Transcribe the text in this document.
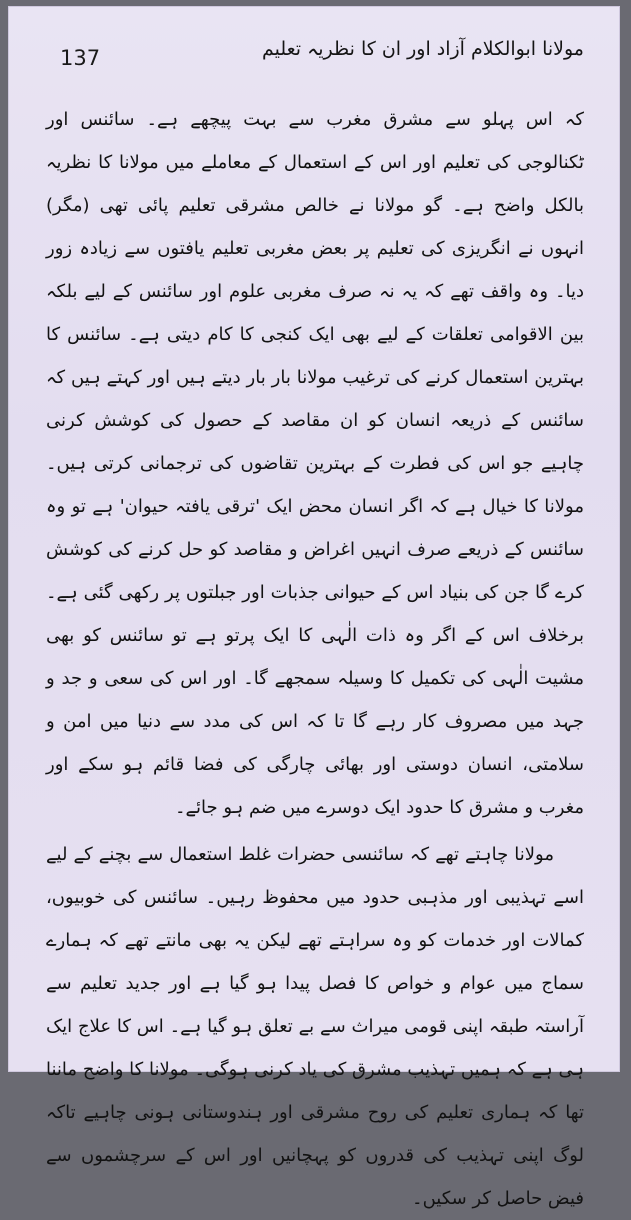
137	مولانا ابوالکلام آزاد اور ان کا نظریہ تعلیم

کہ اس پہلو سے مشرق مغرب سے بہت پیچھے ہے۔ سائنس اور ٹکنالوجی کی تعلیم اور اس کے استعمال کے معاملے میں مولانا کا نظریہ بالکل واضح ہے۔ گو مولانا نے خالص مشرقی تعلیم پائی تھی (مگر) انہوں نے انگریزی کی تعلیم پر بعض مغربی تعلیم یافتوں سے زیادہ زور دیا۔ وہ واقف تھے کہ یہ نہ صرف مغربی علوم اور سائنس کے لیے بلکہ بین الاقوامی تعلقات کے لیے بھی ایک کنجی کا کام دیتی ہے۔ سائنس کا بہترین استعمال کرنے کی ترغیب مولانا بار بار دیتے ہیں اور کہتے ہیں کہ سائنس کے ذریعہ انسان کو ان مقاصد کے حصول کی کوشش کرنی چاہیے جو اس کی فطرت کے بہترین تقاضوں کی ترجمانی کرتی ہیں۔ مولانا کا خیال ہے کہ اگر انسان محض ایک 'ترقی یافتہ حیوان' ہے تو وہ سائنس کے ذریعے صرف انہیں اغراض و مقاصد کو حل کرنے کی کوشش کرے گا جن کی بنیاد اس کے حیوانی جذبات اور جبلتوں پر رکھی گئی ہے۔ برخلاف اس کے اگر وہ ذات الٰہی کا ایک پرتو ہے تو سائنس کو بھی مشیت الٰہی کی تکمیل کا وسیلہ سمجھے گا۔ اور اس کی سعی و جد و جہد میں مصروف کار رہے گا تا کہ اس کی مدد سے دنیا میں امن و سلامتی، انسان دوستی اور بھائی چارگی کی فضا قائم ہو سکے اور مغرب و مشرق کا حدود ایک دوسرے میں ضم ہو جائے۔

مولانا چاہتے تھے کہ سائنسی حضرات غلط استعمال سے بچنے کے لیے اسے تہذیبی اور مذہبی حدود میں محفوظ رہیں۔ سائنس کی خوبیوں، کمالات اور خدمات کو وہ سراہتے تھے لیکن یہ بھی مانتے تھے کہ ہمارے سماج میں عوام و خواص کا فصل پیدا ہو گیا ہے اور جدید تعلیم سے آراستہ طبقہ اپنی قومی میراث سے بے تعلق ہو گیا ہے۔ اس کا علاج ایک ہی ہے کہ ہمیں تہذیب مشرق کی یاد کرنی ہوگی۔ مولانا کا واضح ماننا تھا کہ ہماری تعلیم کی روح مشرقی اور ہندوستانی ہونی چاہیے تاکہ لوگ اپنی تہذیب کی قدروں کو پہچانیں اور اس کے سرچشموں سے فیض حاصل کر سکیں۔
